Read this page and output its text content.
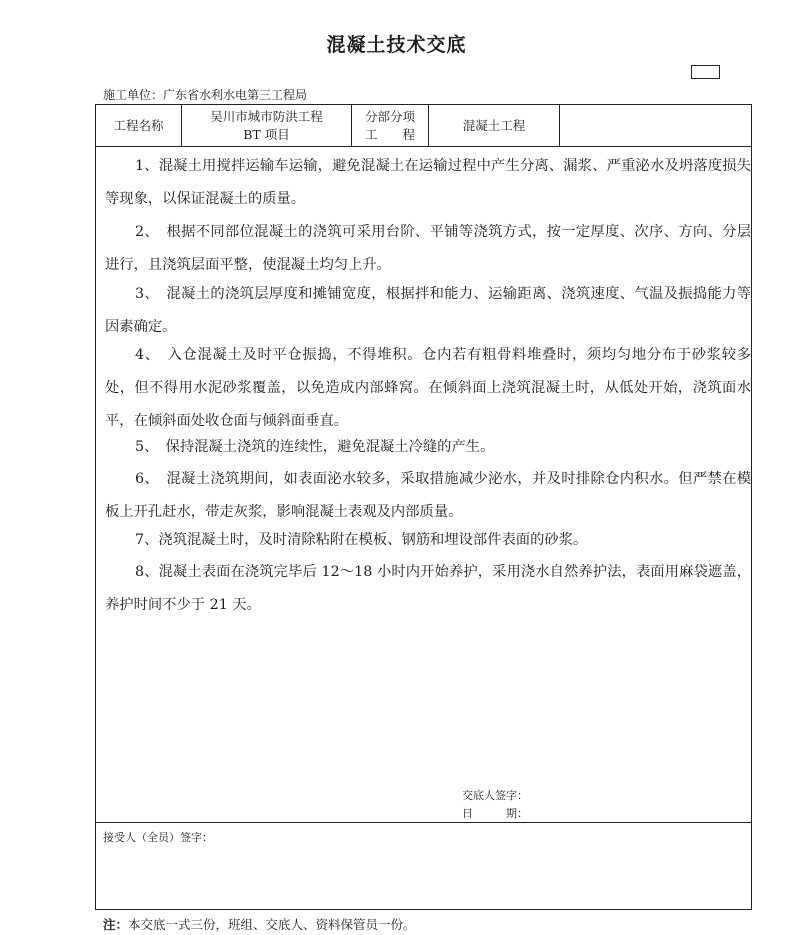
混凝土技术交底
施工单位：广东省水利水电第三工程局
工程名称
吴川市城市防洪工程
BT 项目
分部分项
工　　程
混凝土工程

1、混凝土用搅拌运输车运输，避免混凝土在运输过程中产生分离、漏浆、严重泌水及坍落度损失等现象，以保证混凝土的质量。

2、　根据不同部位混凝土的浇筑可采用台阶、平铺等浇筑方式，按一定厚度、次序、方向、分层进行，且浇筑层面平整，使混凝土均匀上升。

3、　混凝土的浇筑层厚度和摊铺宽度，根据拌和能力、运输距离、浇筑速度、气温及振捣能力等因素确定。

4、　入仓混凝土及时平仓振捣，不得堆积。仓内若有粗骨料堆叠时，须均匀地分布于砂浆较多处，但不得用水泥砂浆覆盖，以免造成内部蜂窝。在倾斜面上浇筑混凝土时，从低处开始，浇筑面水平，在倾斜面处收仓面与倾斜面垂直。

5、　保持混凝土浇筑的连续性，避免混凝土冷缝的产生。

6、　混凝土浇筑期间，如表面泌水较多，采取措施减少泌水，并及时排除仓内积水。但严禁在模板上开孔赶水，带走灰浆，影响混凝土表观及内部质量。

7、浇筑混凝土时，及时清除粘附在模板、钢筋和埋设部件表面的砂浆。

8、混凝土表面在浇筑完毕后 12～18 小时内开始养护，采用浇水自然养护法，表面用麻袋遮盖，养护时间不少于 21 天。

交底人签字：
日　　　期：
接受人（全员）签字：
注：本交底一式三份，班组、交底人、资料保管员一份。
